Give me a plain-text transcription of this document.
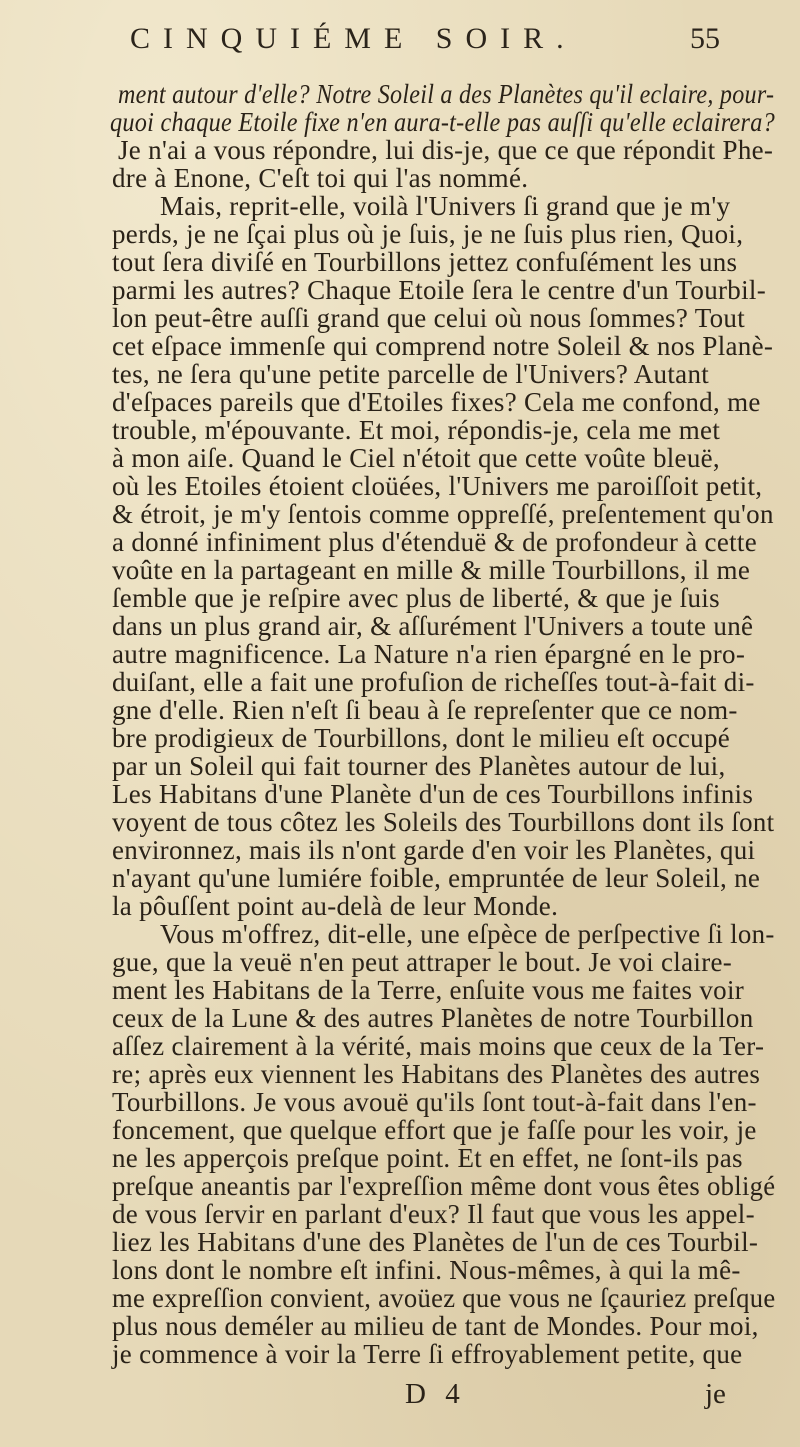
CINQUIÉME SOIR.	55
ment autour d'elle? Notre Soleil a des Planètes qu'il eclaire, pour-
quoi chaque Etoile fixe n'en aura-t-elle pas auſſi qu'elle eclairera?
Je n'ai a vous répondre, lui dis-je, que ce que répondit Phe-
dre à Enone, C'eſt toi qui l'as nommé.
Mais, reprit-elle, voilà l'Univers ſi grand que je m'y
perds, je ne ſçai plus où je ſuis, je ne ſuis plus rien, Quoi,
tout ſera diviſé en Tourbillons jettez confuſément les uns
parmi les autres? Chaque Etoile ſera le centre d'un Tourbil-
lon peut-être auſſi grand que celui où nous ſommes? Tout
cet eſpace immenſe qui comprend notre Soleil & nos Planè-
tes, ne ſera qu'une petite parcelle de l'Univers? Autant
d'eſpaces pareils que d'Etoiles fixes? Cela me confond, me
trouble, m'épouvante. Et moi, répondis-je, cela me met
à mon aiſe. Quand le Ciel n'étoit que cette voûte bleuë,
où les Etoiles étoient cloüées, l'Univers me paroiſſoit petit,
& étroit, je m'y ſentois comme oppreſſé, preſentement qu'on
a donné infiniment plus d'étenduë & de profondeur à cette
voûte en la partageant en mille & mille Tourbillons, il me
ſemble que je reſpire avec plus de liberté, & que je ſuis
dans un plus grand air, & aſſurément l'Univers a toute unê
autre magnificence. La Nature n'a rien épargné en le pro-
duiſant, elle a fait une profuſion de richeſſes tout-à-fait di-
gne d'elle. Rien n'eſt ſi beau à ſe repreſenter que ce nom-
bre prodigieux de Tourbillons, dont le milieu eſt occupé
par un Soleil qui fait tourner des Planètes autour de lui,
Les Habitans d'une Planète d'un de ces Tourbillons infinis
voyent de tous côtez les Soleils des Tourbillons dont ils ſont
environnez, mais ils n'ont garde d'en voir les Planètes, qui
n'ayant qu'une lumiére foible, empruntée de leur Soleil, ne
la pôuſſent point au-delà de leur Monde.
Vous m'offrez, dit-elle, une eſpèce de perſpective ſi lon-
gue, que la veuë n'en peut attraper le bout. Je voi claire-
ment les Habitans de la Terre, enſuite vous me faites voir
ceux de la Lune & des autres Planètes de notre Tourbillon
aſſez clairement à la vérité, mais moins que ceux de la Ter-
re; après eux viennent les Habitans des Planètes des autres
Tourbillons. Je vous avouë qu'ils ſont tout-à-fait dans l'en-
foncement, que quelque effort que je faſſe pour les voir, je
ne les apperçois preſque point. Et en effet, ne ſont-ils pas
preſque aneantis par l'expreſſion même dont vous êtes obligé
de vous ſervir en parlant d'eux? Il faut que vous les appel-
liez les Habitans d'une des Planètes de l'un de ces Tourbil-
lons dont le nombre eſt infini. Nous-mêmes, à qui la mê-
me expreſſion convient, avoüez que vous ne ſçauriez preſque
plus nous deméler au milieu de tant de Mondes. Pour moi,
je commence à voir la Terre ſi effroyablement petite, que
D 4	je
